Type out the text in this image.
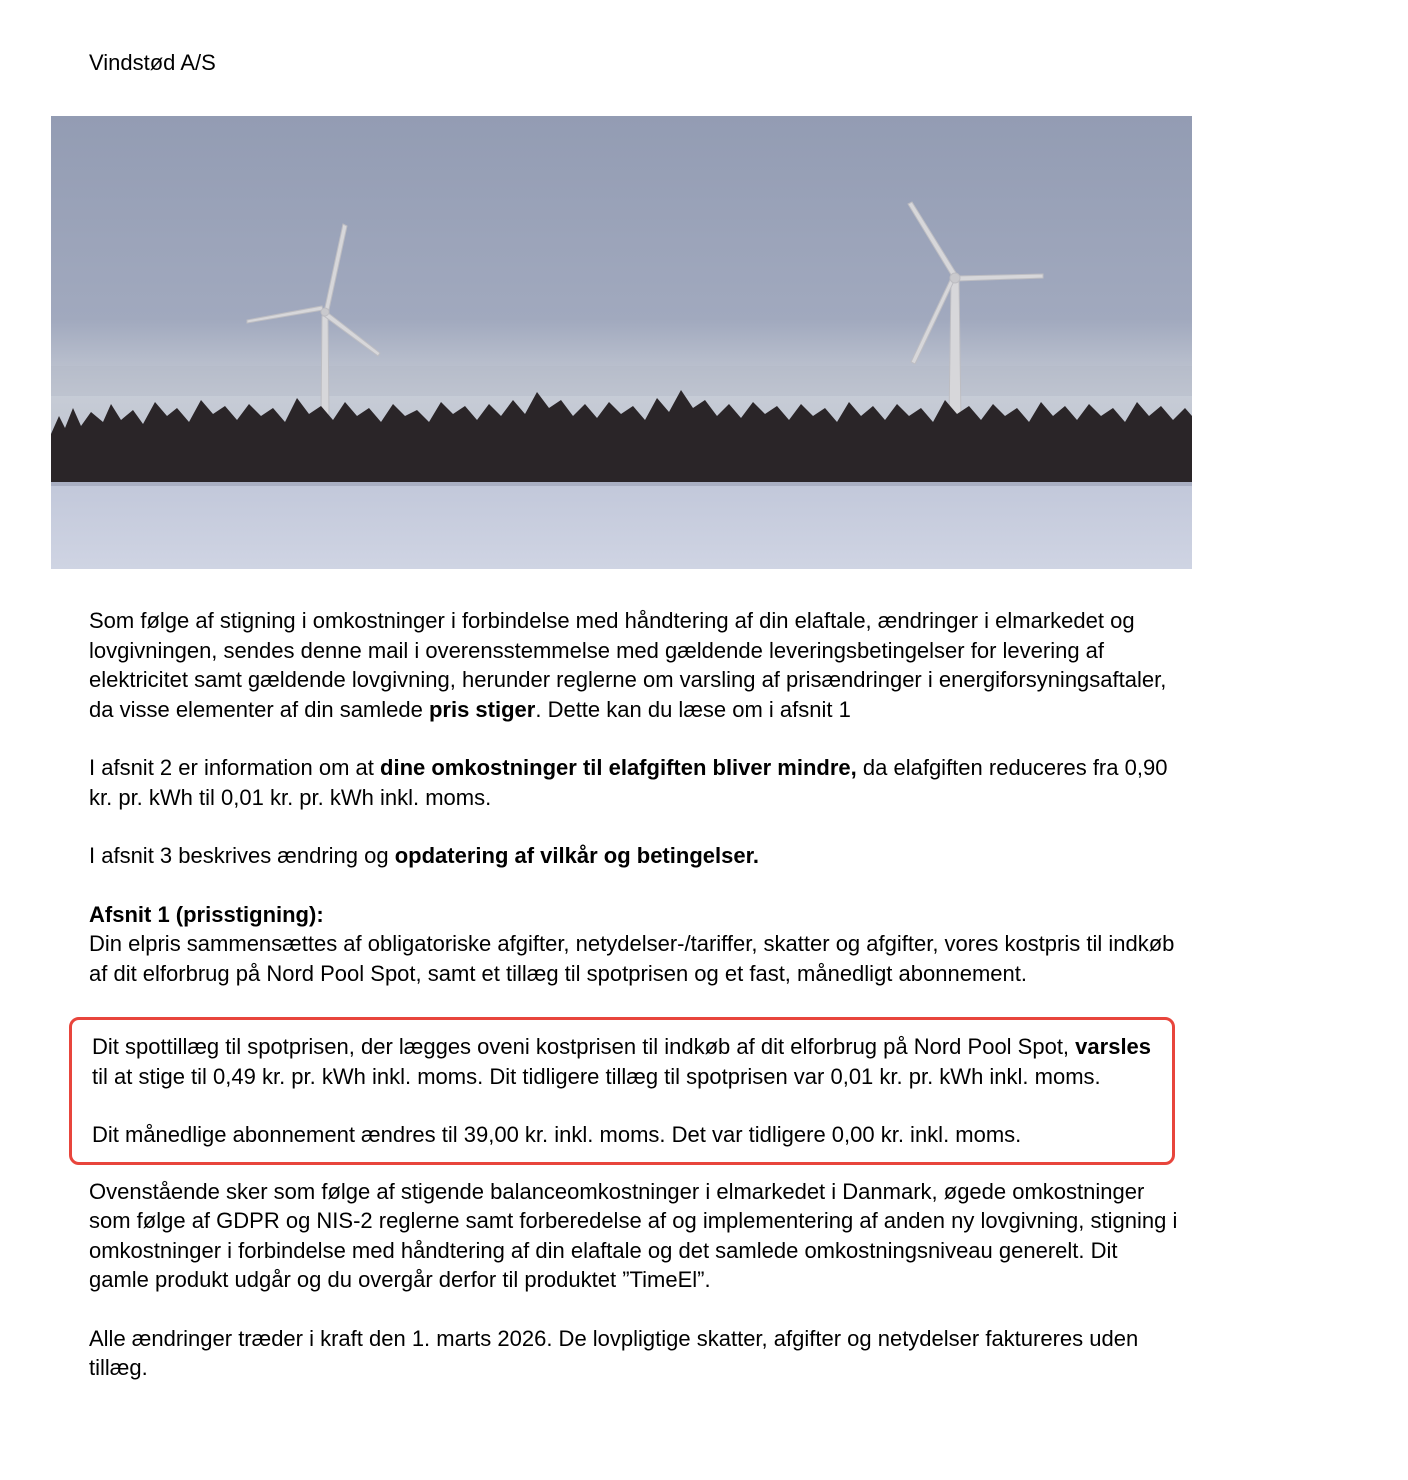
Vindstød A/S

Som følge af stigning i omkostninger i forbindelse med håndtering af din elaftale, ændringer i elmarkedet og lovgivningen, sendes denne mail i overensstemmelse med gældende leveringsbetingelser for levering af elektricitet samt gældende lovgivning, herunder reglerne om varsling af prisændringer i energiforsyningsaftaler, da visse elementer af din samlede pris stiger. Dette kan du læse om i afsnit 1

I afsnit 2 er information om at dine omkostninger til elafgiften bliver mindre, da elafgiften reduceres fra 0,90 kr. pr. kWh til 0,01 kr. pr. kWh inkl. moms.

I afsnit 3 beskrives ændring og opdatering af vilkår og betingelser.

Afsnit 1 (prisstigning):

Din elpris sammensættes af obligatoriske afgifter, netydelser-/tariffer, skatter og afgifter, vores kostpris til indkøb af dit elforbrug på Nord Pool Spot, samt et tillæg til spotprisen og et fast, månedligt abonnement.

Dit spottillæg til spotprisen, der lægges oveni kostprisen til indkøb af dit elforbrug på Nord Pool Spot, varsles til at stige til 0,49 kr. pr. kWh inkl. moms. Dit tidligere tillæg til spotprisen var 0,01 kr. pr. kWh inkl. moms.

Dit månedlige abonnement ændres til 39,00 kr. inkl. moms. Det var tidligere 0,00 kr. inkl. moms.

Ovenstående sker som følge af stigende balanceomkostninger i elmarkedet i Danmark, øgede omkostninger som følge af GDPR og NIS-2 reglerne samt forberedelse af og implementering af anden ny lovgivning, stigning i omkostninger i forbindelse med håndtering af din elaftale og det samlede omkostningsniveau generelt. Dit gamle produkt udgår og du overgår derfor til produktet ”TimeEl”.

Alle ændringer træder i kraft den 1. marts 2026. De lovpligtige skatter, afgifter og netydelser faktureres uden tillæg.
